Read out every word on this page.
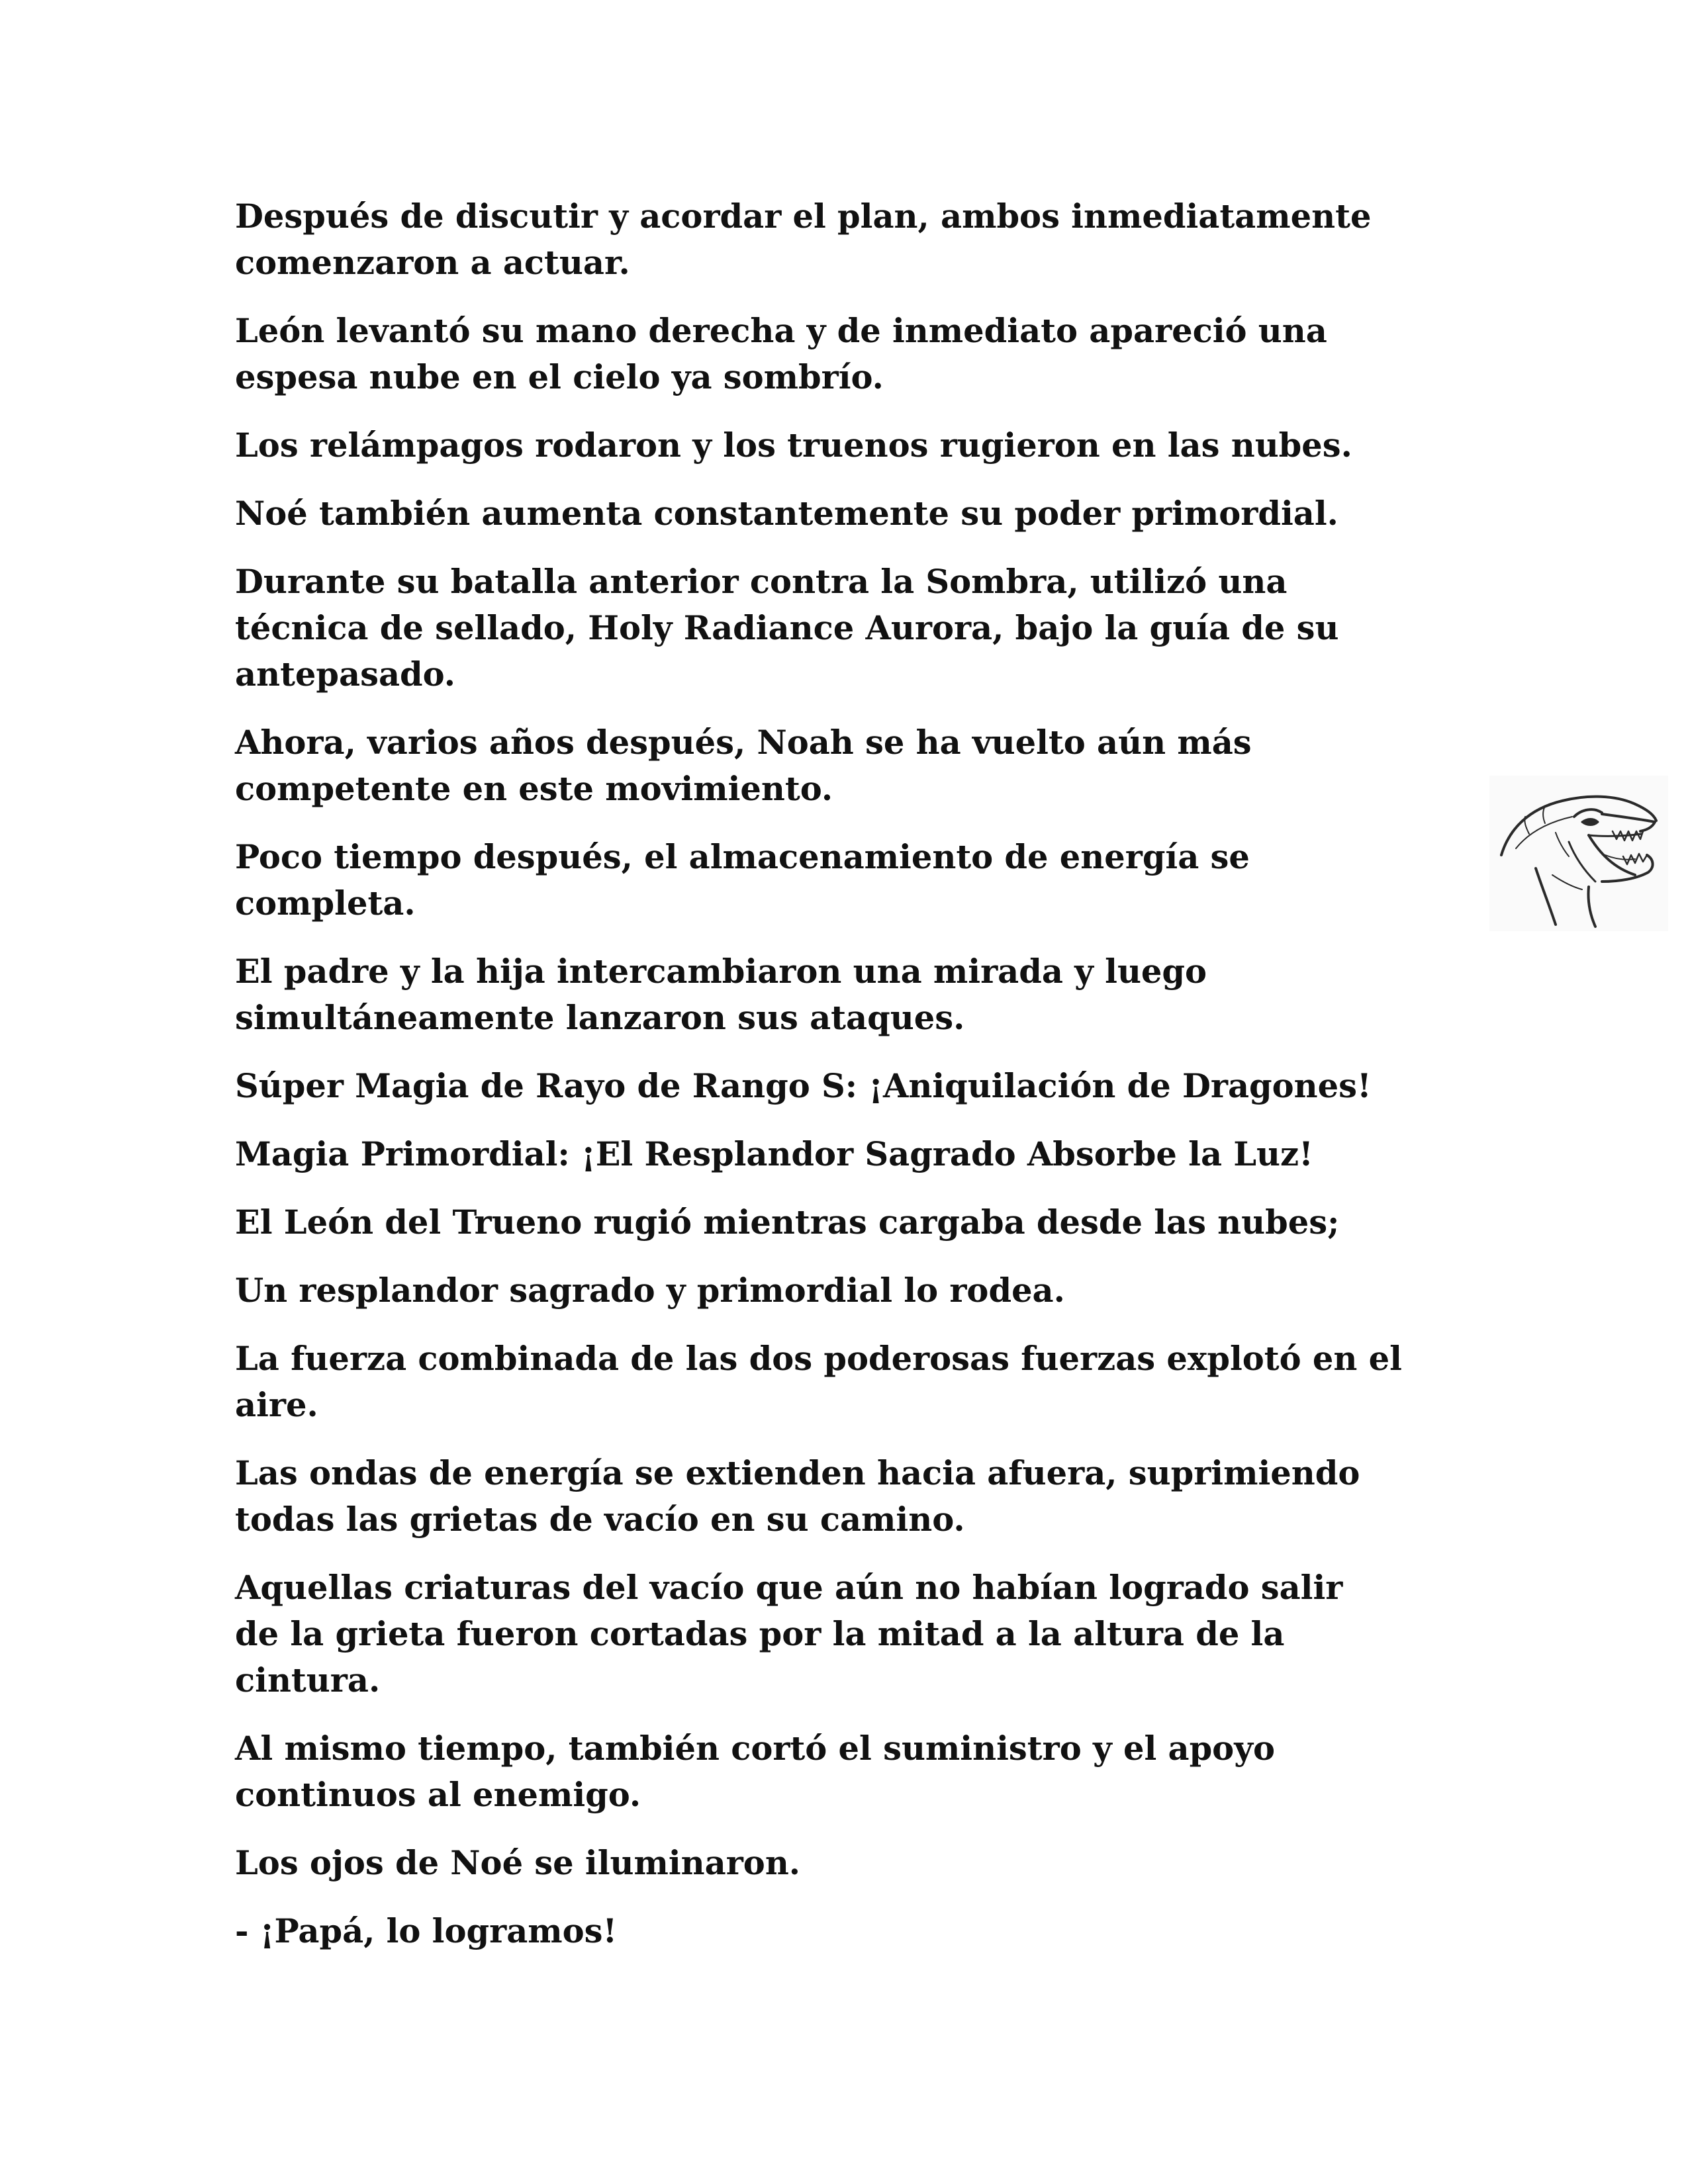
Después de discutir y acordar el plan, ambos inmediatamente
comenzaron a actuar.

León levantó su mano derecha y de inmediato apareció una
espesa nube en el cielo ya sombrío.

Los relámpagos rodaron y los truenos rugieron en las nubes.

Noé también aumenta constantemente su poder primordial.

Durante su batalla anterior contra la Sombra, utilizó una
técnica de sellado, Holy Radiance Aurora, bajo la guía de su
antepasado.

Ahora, varios años después, Noah se ha vuelto aún más
competente en este movimiento.

Poco tiempo después, el almacenamiento de energía se
completa.

El padre y la hija intercambiaron una mirada y luego
simultáneamente lanzaron sus ataques.

Súper Magia de Rayo de Rango S: ¡Aniquilación de Dragones!

Magia Primordial: ¡El Resplandor Sagrado Absorbe la Luz!

El León del Trueno rugió mientras cargaba desde las nubes;

Un resplandor sagrado y primordial lo rodea.

La fuerza combinada de las dos poderosas fuerzas explotó en el
aire.

Las ondas de energía se extienden hacia afuera, suprimiendo
todas las grietas de vacío en su camino.

Aquellas criaturas del vacío que aún no habían logrado salir
de la grieta fueron cortadas por la mitad a la altura de la
cintura.

Al mismo tiempo, también cortó el suministro y el apoyo
continuos al enemigo.

Los ojos de Noé se iluminaron.

- ¡Papá, lo logramos!
